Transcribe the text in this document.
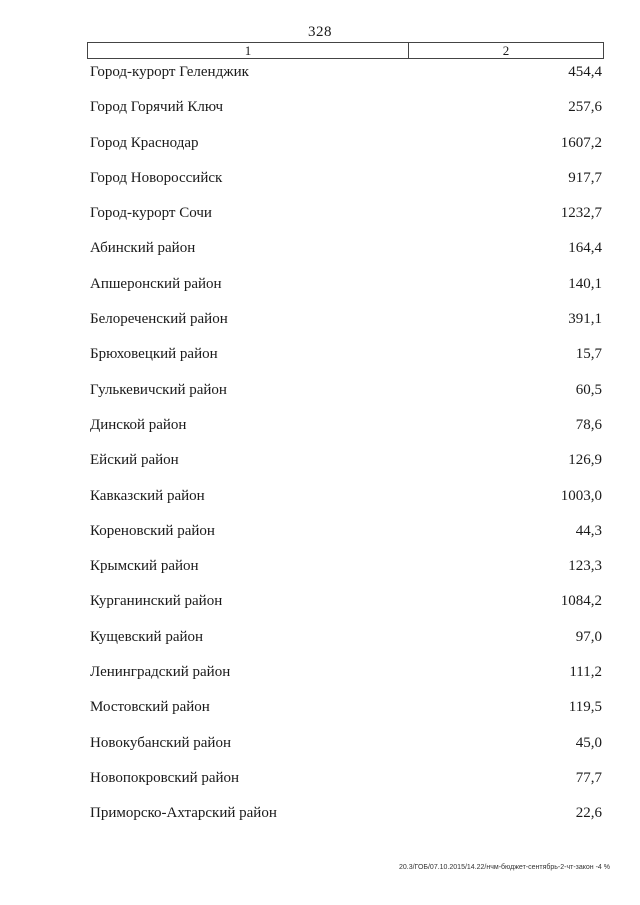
328
1	2
Город-курорт Геленджик	454,4
Город Горячий Ключ	257,6
Город Краснодар	1607,2
Город Новороссийск	917,7
Город-курорт Сочи	1232,7
Абинский район	164,4
Апшеронский район	140,1
Белореченский район	391,1
Брюховецкий район	15,7
Гулькевичский район	60,5
Динской район	78,6
Ейский район	126,9
Кавказский район	1003,0
Кореновский район	44,3
Крымский район	123,3
Курганинский район	1084,2
Кущевский район	97,0
Ленинградский район	111,2
Мостовский район	119,5
Новокубанский район	45,0
Новопокровский район	77,7
Приморско-Ахтарский район	22,6
20.3/ГОБ/07.10.2015/14.22/нчм-бюджет-сентябрь-2-чт-закон -4 %
